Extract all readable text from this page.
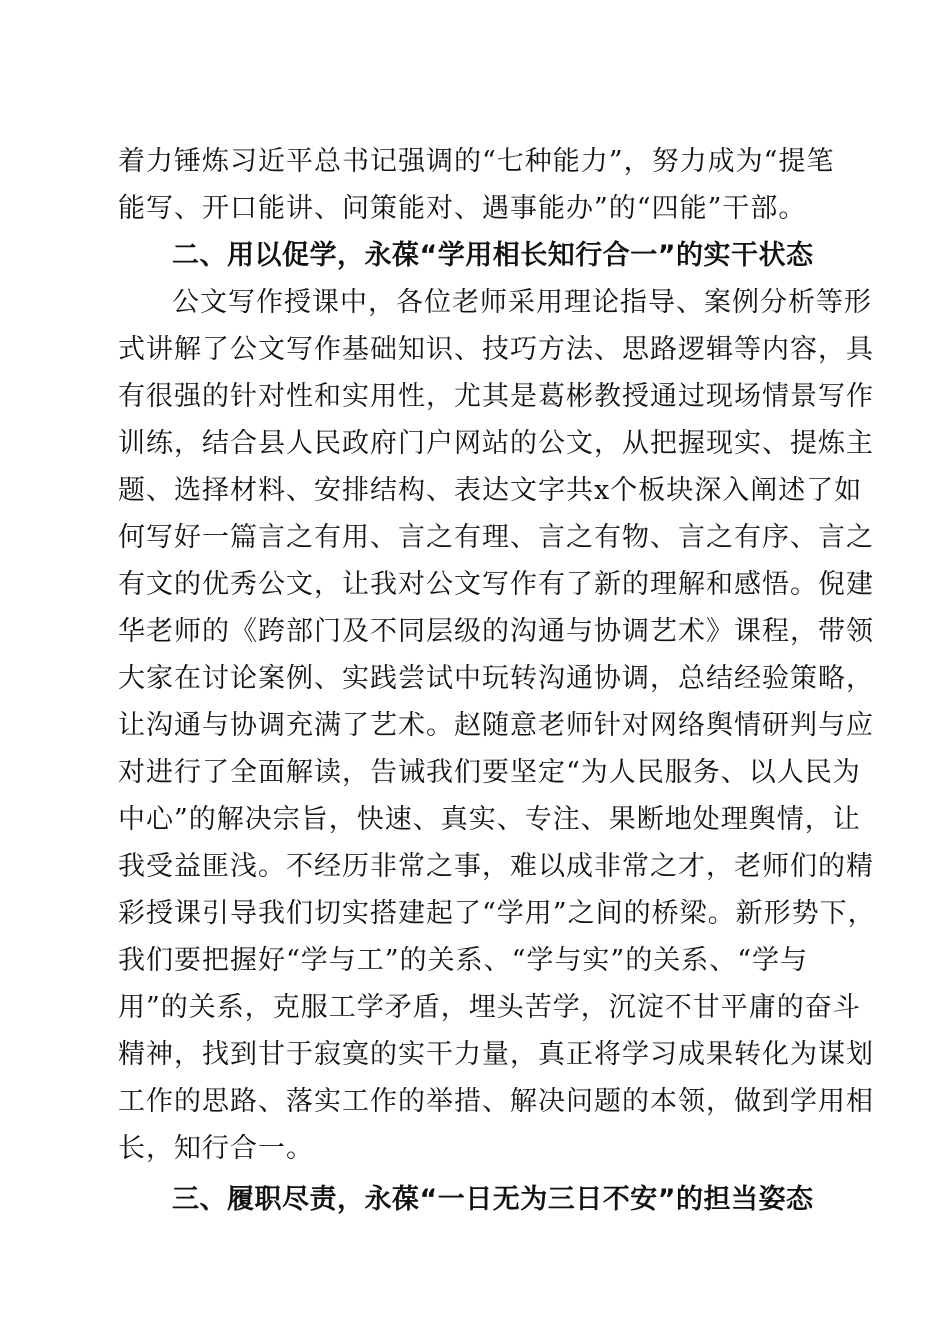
着力锤炼习近平总书记强调的“七种能力”，努力成为“提笔
能写、开口能讲、问策能对、遇事能办”的“四能”干部。
二、用以促学，永葆“学用相长知行合一”的实干状态
公文写作授课中，各位老师采用理论指导、案例分析等形
式讲解了公文写作基础知识、技巧方法、思路逻辑等内容，具
有很强的针对性和实用性，尤其是葛彬教授通过现场情景写作
训练，结合县人民政府门户网站的公文，从把握现实、提炼主
题、选择材料、安排结构、表达文字共x个板块深入阐述了如
何写好一篇言之有用、言之有理、言之有物、言之有序、言之
有文的优秀公文，让我对公文写作有了新的理解和感悟。倪建
华老师的《跨部门及不同层级的沟通与协调艺术》课程，带领
大家在讨论案例、实践尝试中玩转沟通协调，总结经验策略，
让沟通与协调充满了艺术。赵随意老师针对网络舆情研判与应
对进行了全面解读，告诫我们要坚定“为人民服务、以人民为
中心”的解决宗旨，快速、真实、专注、果断地处理舆情，让
我受益匪浅。不经历非常之事，难以成非常之才，老师们的精
彩授课引导我们切实搭建起了“学用”之间的桥梁。新形势下，
我们要把握好“学与工”的关系、“学与实”的关系、“学与
用”的关系，克服工学矛盾，埋头苦学，沉淀不甘平庸的奋斗
精神，找到甘于寂寞的实干力量，真正将学习成果转化为谋划
工作的思路、落实工作的举措、解决问题的本领，做到学用相
长，知行合一。
三、履职尽责，永葆“一日无为三日不安”的担当姿态
